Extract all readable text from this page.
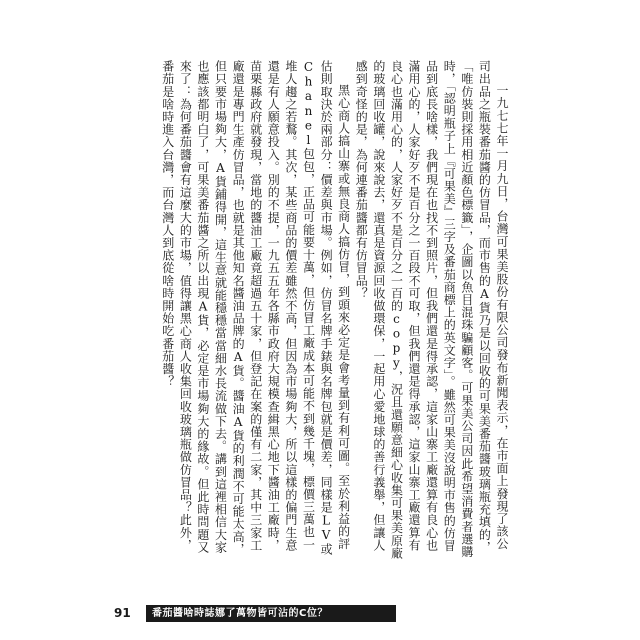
一九七七年一月九日，台灣可果美股份有限公司發布新聞表示，在市面上發現了該公司出品之瓶裝番茄醬的仿冒品，而市售的A貨乃是以回收的可果美番茄醬玻璃瓶充填的，「唯仿裝則採用相近顏色標籤」，企圖以魚目混珠騙顧客。可果美公司因此希望消費者選購時，「認明瓶子上『可果美』三字及番茄商標上的英文字」。雖然可果美沒說明市售的仿冒品到底長啥樣，我們現在也找不到照片，但我們還是得承認，這家山寨工廠還算有良心也滿用心的，人家好歹不是百分之一百段不可取，但我們還是得承認，這家山寨工廠還算有良心也滿用心的，人家好歹不是百分之一百的copy，況且還願意細心收集可果美原廠的玻璃回收罐，說來說去，還真是資源回收做環保，一起用心愛地球的善行義舉，但讓人感到奇怪的是，為何連番茄醬都有仿冒品？

黑心商人搞山寨或無良商人搞仿冒，到頭來必定是會考量到有利可圖。至於利益的評估則取決於兩部分：價差與市場。例如，仿冒名牌手錶與名牌包就是價差，同樣是LV或Chanel包包，正品可能要十萬，但仿冒工廠成本可能不到幾千塊，標價三萬也一堆人趨之若鶩。其次，某些商品的價差雖然不高，但因為市場夠大，所以這樣的偏門生意還是有人願意投入。別的不提，一九五五年各縣市政府大規模查緝黑心地下醬油工廠時，苗栗縣政府就發現，當地的醬油工廠竟超過五十家，但登記在案的僅有二家，其中三家工廠還是專門生產仿冒品，也就是其他知名醬油品牌的A貨。醬油A貨的利潤不可能太高，但只要市場夠大，A貨鋪得開，這生意就能穩穩當當細水長流做下去。講到這裡相信大家也應該都明白了，可果美番茄醬之所以出現A貨，必定是市場夠大的緣故。但此時問題又來了：為何番茄醬會有這麼大的市場，值得讓黑心商人收集回收玻璃瓶做仿冒品？此外，番茄是啥時進入台灣，而台灣人到底從啥時開始吃番茄醬？

91	番茄醬啥時誌娜了萬物皆可沾的C位？
